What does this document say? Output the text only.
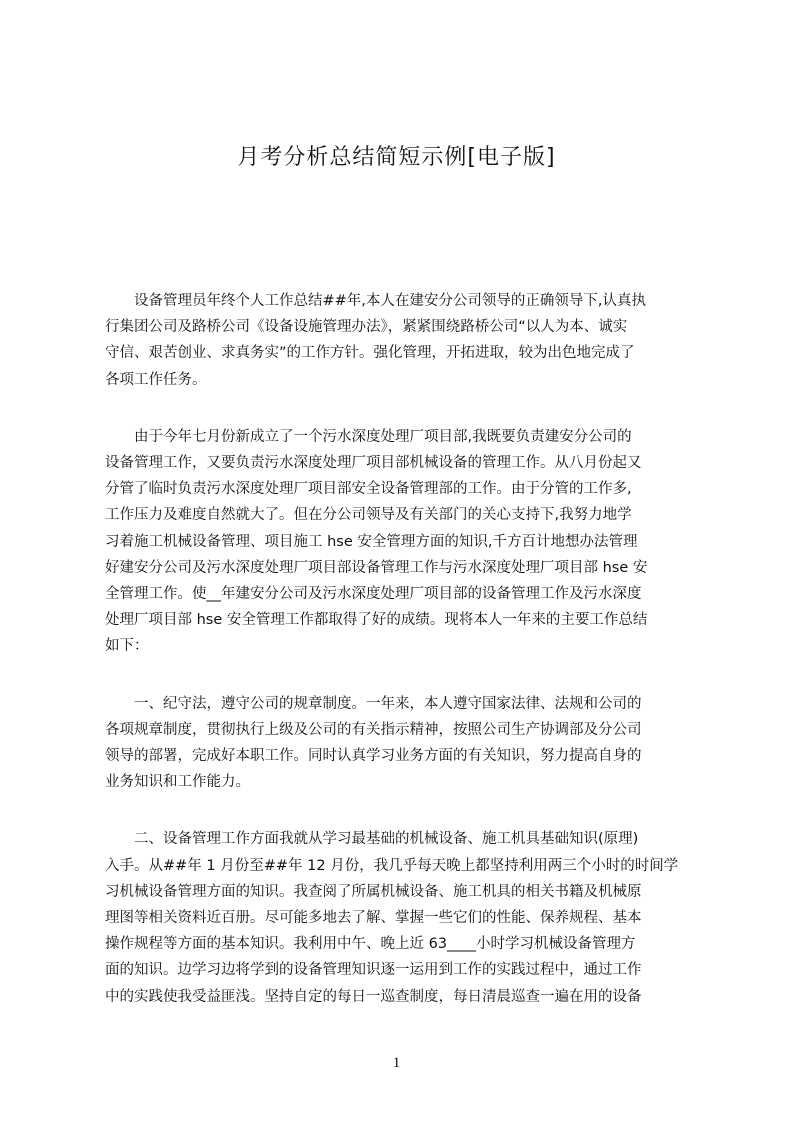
月考分析总结简短示例[电子版]

　　设备管理员年终个人工作总结##年,本人在建安分公司领导的正确领导下,认真执
行集团公司及路桥公司《设备设施管理办法》，紧紧围绕路桥公司“以人为本、诚实
守信、艰苦创业、求真务实”的工作方针。强化管理，开拓进取，较为出色地完成了
各项工作任务。

　　由于今年七月份新成立了一个污水深度处理厂项目部,我既要负责建安分公司的
设备管理工作，又要负责污水深度处理厂项目部机械设备的管理工作。从八月份起又
分管了临时负责污水深度处理厂项目部安全设备管理部的工作。由于分管的工作多,
工作压力及难度自然就大了。但在分公司领导及有关部门的关心支持下,我努力地学
习着施工机械设备管理、项目施工 hse 安全管理方面的知识,千方百计地想办法管理
好建安分公司及污水深度处理厂项目部设备管理工作与污水深度处理厂项目部 hse 安
全管理工作。使__年建安分公司及污水深度处理厂项目部的设备管理工作及污水深度
处理厂项目部 hse 安全管理工作都取得了好的成绩。现将本人一年来的主要工作总结
如下：

　　一、纪守法，遵守公司的规章制度。一年来，本人遵守国家法律、法规和公司的
各项规章制度，贯彻执行上级及公司的有关指示精神，按照公司生产协调部及分公司
领导的部署，完成好本职工作。同时认真学习业务方面的有关知识，努力提高自身的
业务知识和工作能力。

　　二、设备管理工作方面我就从学习最基础的机械设备、施工机具基础知识(原理)
入手。从##年 1 月份至##年 12 月份，我几乎每天晚上都坚持利用两三个小时的时间学
习机械设备管理方面的知识。我查阅了所属机械设备、施工机具的相关书籍及机械原
理图等相关资料近百册。尽可能多地去了解、掌握一些它们的性能、保养规程、基本
操作规程等方面的基本知识。我利用中午、晚上近 63____小时学习机械设备管理方
面的知识。边学习边将学到的设备管理知识逐一运用到工作的实践过程中，通过工作
中的实践使我受益匪浅。坚持自定的每日一巡查制度，每日清晨巡查一遍在用的设备

1
